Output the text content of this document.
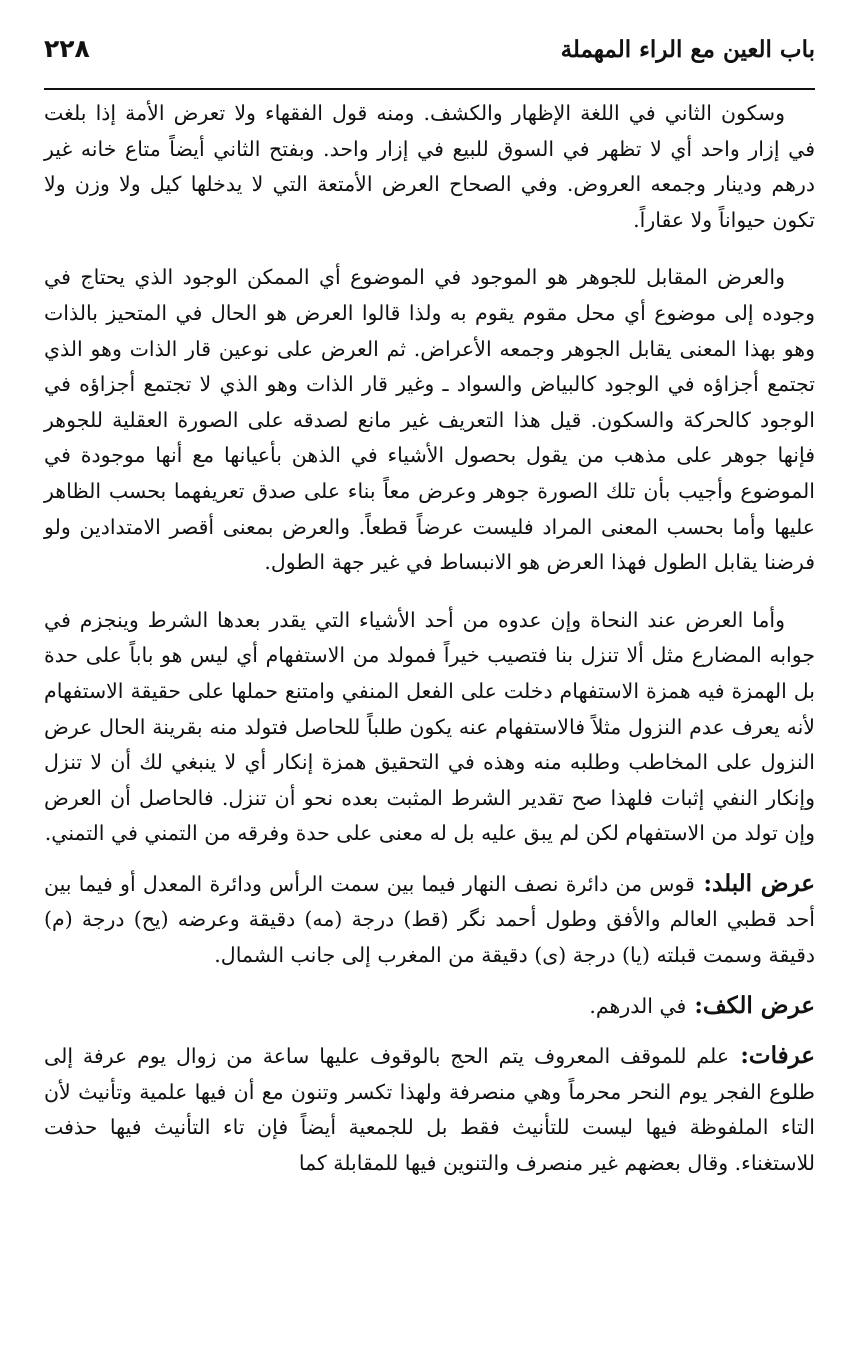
باب العين مع الراء المهملة
٢٢٨

وسكون الثاني في اللغة الإظهار والكشف. ومنه قول الفقهاء ولا تعرض الأمة إذا بلغت في إزار واحد أي لا تظهر في السوق للبيع في إزار واحد. وبفتح الثاني أيضاً متاع خانه غير درهم ودينار وجمعه العروض. وفي الصحاح العرض الأمتعة التي لا يدخلها كيل ولا وزن ولا تكون حيواناً ولا عقاراً.

والعرض المقابل للجوهر هو الموجود في الموضوع أي الممكن الوجود الذي يحتاج في وجوده إلى موضوع أي محل مقوم يقوم به ولذا قالوا العرض هو الحال في المتحيز بالذات وهو بهذا المعنى يقابل الجوهر وجمعه الأعراض. ثم العرض على نوعين قار الذات وهو الذي تجتمع أجزاؤه في الوجود كالبياض والسواد ـ وغير قار الذات وهو الذي لا تجتمع أجزاؤه في الوجود كالحركة والسكون. قيل هذا التعريف غير مانع لصدقه على الصورة العقلية للجوهر فإنها جوهر على مذهب من يقول بحصول الأشياء في الذهن بأعيانها مع أنها موجودة في الموضوع وأجيب بأن تلك الصورة جوهر وعرض معاً بناء على صدق تعريفهما بحسب الظاهر عليها وأما بحسب المعنى المراد فليست عرضاً قطعاً. والعرض بمعنى أقصر الامتدادين ولو فرضنا يقابل الطول فهذا العرض هو الانبساط في غير جهة الطول.

وأما العرض عند النحاة وإن عدوه من أحد الأشياء التي يقدر بعدها الشرط وينجزم في جوابه المضارع مثل ألا تنزل بنا فتصيب خيراً فمولد من الاستفهام أي ليس هو باباً على حدة بل الهمزة فيه همزة الاستفهام دخلت على الفعل المنفي وامتنع حملها على حقيقة الاستفهام لأنه يعرف عدم النزول مثلاً فالاستفهام عنه يكون طلباً للحاصل فتولد منه بقرينة الحال عرض النزول على المخاطب وطلبه منه وهذه في التحقيق همزة إنكار أي لا ينبغي لك أن لا تنزل وإنكار النفي إثبات فلهذا صح تقدير الشرط المثبت بعده نحو أن تنزل. فالحاصل أن العرض وإن تولد من الاستفهام لكن لم يبق عليه بل له معنى على حدة وفرقه من التمني في التمني.

عرض البلد: قوس من دائرة نصف النهار فيما بين سمت الرأس ودائرة المعدل أو فيما بين أحد قطبي العالم والأفق وطول أحمد نگر (قط) درجة (مه) دقيقة وعرضه (يح) درجة (م) دقيقة وسمت قبلته (يا) درجة (ى) دقيقة من المغرب إلى جانب الشمال.

عرض الكف: في الدرهم.

عرفات: علم للموقف المعروف يتم الحج بالوقوف عليها ساعة من زوال يوم عرفة إلى طلوع الفجر يوم النحر محرماً وهي منصرفة ولهذا تكسر وتنون مع أن فيها علمية وتأنيث لأن التاء الملفوظة فيها ليست للتأنيث فقط بل للجمعية أيضاً فإن تاء التأنيث فيها حذفت للاستغناء. وقال بعضهم غير منصرف والتنوين فيها للمقابلة كما
